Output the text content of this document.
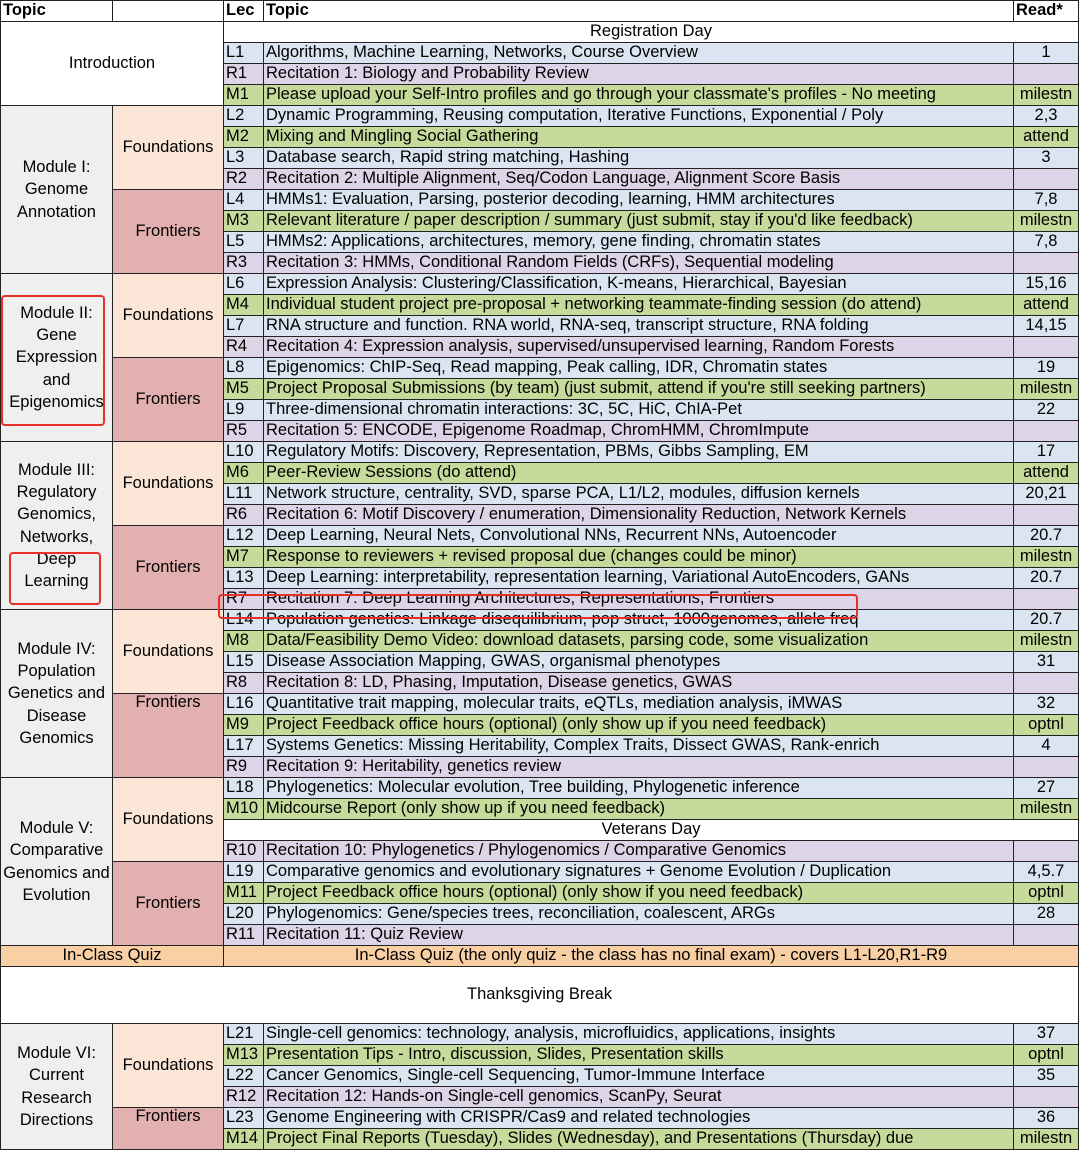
Topic		Lec	Topic	Read*
Introduction		Registration Day		
		L1	Algorithms, Machine Learning, Networks, Course Overview	1
		R1	Recitation 1: Biology and Probability Review	
		M1	Please upload your Self-Intro profiles and go through your classmate's profiles - No meeting	milestn
Module I: Genome Annotation	Foundations	L2	Dynamic Programming, Reusing computation, Iterative Functions, Exponential / Poly	2,3
		M2	Mixing and Mingling Social Gathering	attend
		L3	Database search, Rapid string matching, Hashing	3
		R2	Recitation 2: Multiple Alignment, Seq/Codon Language, Alignment Score Basis	
	Frontiers	L4	HMMs1: Evaluation, Parsing, posterior decoding, learning, HMM architectures	7,8
		M3	Relevant literature / paper description / summary (just submit, stay if you'd like feedback)	milestn
		L5	HMMs2: Applications, architectures, memory, gene finding, chromatin states	7,8
		R3	Recitation 3: HMMs, Conditional Random Fields (CRFs), Sequential modeling	
Module II: Gene Expression and Epigenomics	Foundations	L6	Expression Analysis: Clustering/Classification, K-means, Hierarchical, Bayesian	15,16
		M4	Individual student project pre-proposal + networking teammate-finding session (do attend)	attend
		L7	RNA structure and function. RNA world, RNA-seq, transcript structure, RNA folding	14,15
		R4	Recitation 4: Expression analysis, supervised/unsupervised learning, Random Forests	
	Frontiers	L8	Epigenomics: ChIP-Seq, Read mapping, Peak calling, IDR, Chromatin states	19
		M5	Project Proposal Submissions (by team) (just submit, attend if you're still seeking partners)	milestn
		L9	Three-dimensional chromatin interactions: 3C, 5C, HiC, ChIA-Pet	22
		R5	Recitation 5: ENCODE, Epigenome Roadmap, ChromHMM, ChromImpute	
Module III: Regulatory Genomics, Networks, Deep Learning	Foundations	L10	Regulatory Motifs: Discovery, Representation, PBMs, Gibbs Sampling, EM	17
		M6	Peer-Review Sessions (do attend)	attend
		L11	Network structure, centrality, SVD, sparse PCA, L1/L2, modules, diffusion kernels	20,21
		R6	Recitation 6: Motif Discovery / enumeration, Dimensionality Reduction, Network Kernels	
	Frontiers	L12	Deep Learning, Neural Nets, Convolutional NNs, Recurrent NNs, Autoencoder	20.7
		M7	Response to reviewers + revised proposal due (changes could be minor)	milestn
		L13	Deep Learning: interpretability, representation learning, Variational AutoEncoders, GANs	20.7
		R7	Recitation 7: Deep Learning Architectures, Representations, Frontiers	
Module IV: Population Genetics and Disease Genomics	Foundations	L14	Population genetics: Linkage disequilibrium, pop struct, 1000genomes, allele freq	20.7
		M8	Data/Feasibility Demo Video: download datasets, parsing code, some visualization	milestn
		L15	Disease Association Mapping, GWAS, organismal phenotypes	31
		R8	Recitation 8: LD, Phasing, Imputation, Disease genetics, GWAS	
	Frontiers	L16	Quantitative trait mapping, molecular traits, eQTLs, mediation analysis, iMWAS	32
		M9	Project Feedback office hours (optional) (only show up if you need feedback)	optnl
		L17	Systems Genetics: Missing Heritability, Complex Traits, Dissect GWAS, Rank-enrich	4
		R9	Recitation 9: Heritability, genetics review	
Module V: Comparative Genomics and Evolution	Foundations	L18	Phylogenetics: Molecular evolution, Tree building, Phylogenetic inference	27
		M10	Midcourse Report (only show up if you need feedback)	milestn
		Veterans Day		
		R10	Recitation 10: Phylogenetics / Phylogenomics / Comparative Genomics	
	Frontiers	L19	Comparative genomics and evolutionary signatures + Genome Evolution / Duplication	4,5.7
		M11	Project Feedback office hours (optional) (only show if you need feedback)	optnl
		L20	Phylogenomics: Gene/species trees, reconciliation, coalescent, ARGs	28
		R11	Recitation 11: Quiz Review	
In-Class Quiz		In-Class Quiz (the only quiz - the class has no final exam) - covers L1-L20,R1-R9		
Thanksgiving Break				
Module VI: Current Research Directions	Foundations	L21	Single-cell genomics: technology, analysis, microfluidics, applications, insights	37
		M13	Presentation Tips - Intro, discussion, Slides, Presentation skills	optnl
		L22	Cancer Genomics, Single-cell Sequencing, Tumor-Immune Interface	35
		R12	Recitation 12: Hands-on Single-cell genomics, ScanPy, Seurat	
	Frontiers	L23	Genome Engineering with CRISPR/Cas9 and related technologies	36
		M14	Project Final Reports (Tuesday), Slides (Wednesday), and Presentations (Thursday) due	milestn
